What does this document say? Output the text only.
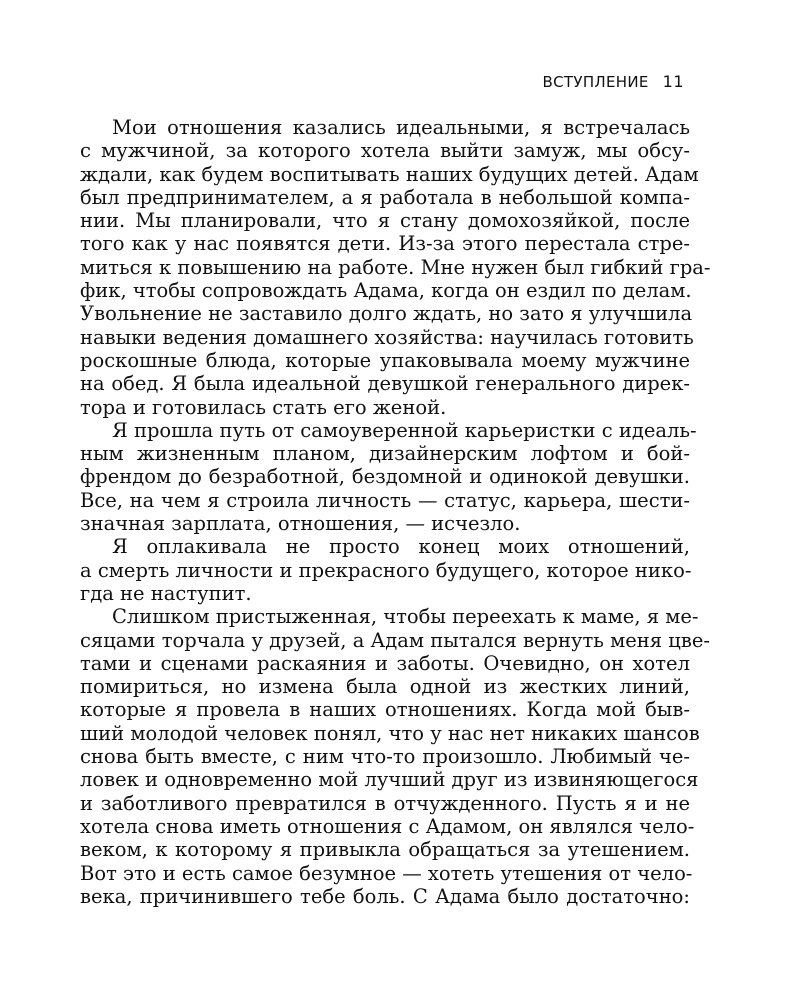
ВСТУПЛЕНИЕ 11
Мои отношения казались идеальными, я встречалась
с мужчиной, за которого хотела выйти замуж, мы обсу-
ждали, как будем воспитывать наших будущих детей. Адам
был предпринимателем, а я работала в небольшой компа-
нии. Мы планировали, что я стану домохозяйкой, после
того как у нас появятся дети. Из-за этого перестала стре-
миться к повышению на работе. Мне нужен был гибкий гра-
фик, чтобы сопровождать Адама, когда он ездил по делам.
Увольнение не заставило долго ждать, но зато я улучшила
навыки ведения домашнего хозяйства: научилась готовить
роскошные блюда, которые упаковывала моему мужчине
на обед. Я была идеальной девушкой генерального дирек-
тора и готовилась стать его женой.
Я прошла путь от самоуверенной карьеристки с идеаль-
ным жизненным планом, дизайнерским лофтом и бой-
френдом до безработной, бездомной и одинокой девушки.
Все, на чем я строила личность — статус, карьера, шести-
значная зарплата, отношения, — исчезло.
Я оплакивала не просто конец моих отношений,
а смерть личности и прекрасного будущего, которое нико-
гда не наступит.
Слишком пристыженная, чтобы переехать к маме, я ме-
сяцами торчала у друзей, а Адам пытался вернуть меня цве-
тами и сценами раскаяния и заботы. Очевидно, он хотел
помириться, но измена была одной из жестких линий,
которые я провела в наших отношениях. Когда мой быв-
ший молодой человек понял, что у нас нет никаких шансов
снова быть вместе, с ним что-то произошло. Любимый че-
ловек и одновременно мой лучший друг из извиняющегося
и заботливого превратился в отчужденного. Пусть я и не
хотела снова иметь отношения с Адамом, он являлся чело-
веком, к которому я привыкла обращаться за утешением.
Вот это и есть самое безумное — хотеть утешения от чело-
века, причинившего тебе боль. С Адама было достаточно:
